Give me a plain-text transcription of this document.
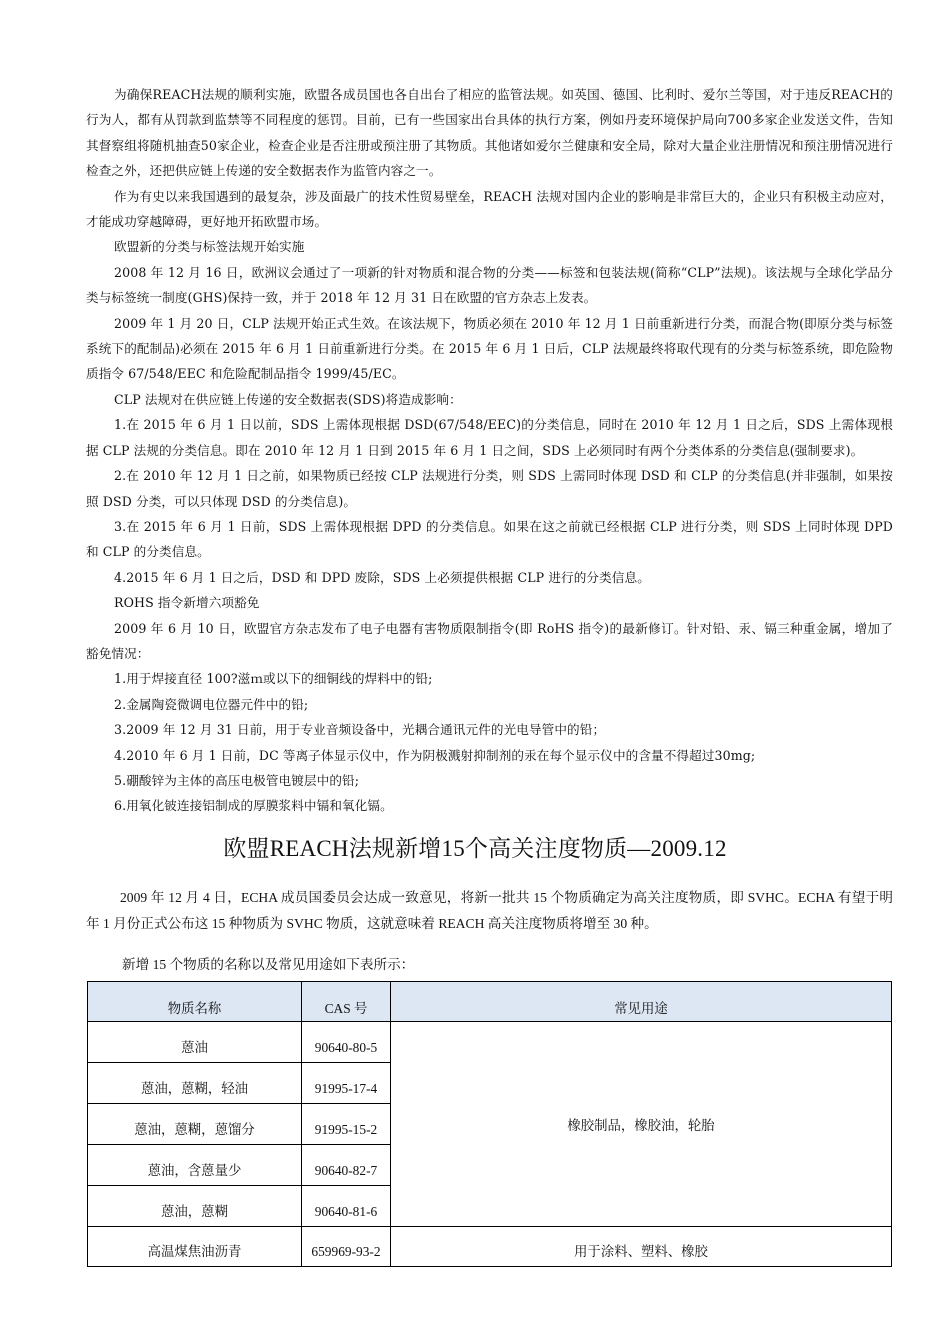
为确保REACH法规的顺利实施，欧盟各成员国也各自出台了相应的监管法规。如英国、德国、比利时、爱尔兰等国，对于违反REACH的行为人，都有从罚款到监禁等不同程度的惩罚。目前，已有一些国家出台具体的执行方案，例如丹麦环境保护局向700多家企业发送文件，告知其督察组将随机抽查50家企业，检查企业是否注册或预注册了其物质。其他诸如爱尔兰健康和安全局，除对大量企业注册情况和预注册情况进行检查之外，还把供应链上传递的安全数据表作为监管内容之一。

作为有史以来我国遇到的最复杂，涉及面最广的技术性贸易壁垒，REACH 法规对国内企业的影响是非常巨大的，企业只有积极主动应对，才能成功穿越障碍，更好地开拓欧盟市场。

欧盟新的分类与标签法规开始实施

2008 年 12 月 16 日，欧洲议会通过了一项新的针对物质和混合物的分类——标签和包装法规(简称“CLP”法规)。该法规与全球化学品分类与标签统一制度(GHS)保持一致，并于 2018 年 12 月 31 日在欧盟的官方杂志上发表。

2009 年 1 月 20 日，CLP 法规开始正式生效。在该法规下，物质必须在 2010 年 12 月 1 日前重新进行分类，而混合物(即原分类与标签系统下的配制品)必须在 2015 年 6 月 1 日前重新进行分类。在 2015 年 6 月 1 日后，CLP 法规最终将取代现有的分类与标签系统，即危险物质指令 67/548/EEC 和危险配制品指令 1999/45/EC。

CLP 法规对在供应链上传递的安全数据表(SDS)将造成影响：

1.在 2015 年 6 月 1 日以前，SDS 上需体现根据 DSD(67/548/EEC)的分类信息，同时在 2010 年 12 月 1 日之后，SDS 上需体现根据 CLP 法规的分类信息。即在 2010 年 12 月 1 日到 2015 年 6 月 1 日之间，SDS 上必须同时有两个分类体系的分类信息(强制要求)。

2.在 2010 年 12 月 1 日之前，如果物质已经按 CLP 法规进行分类，则 SDS 上需同时体现 DSD 和 CLP 的分类信息(并非强制，如果按照 DSD 分类，可以只体现 DSD 的分类信息)。

3.在 2015 年 6 月 1 日前，SDS 上需体现根据 DPD 的分类信息。如果在这之前就已经根据 CLP 进行分类，则 SDS 上同时体现 DPD 和 CLP 的分类信息。

4.2015 年 6 月 1 日之后，DSD 和 DPD 废除，SDS 上必须提供根据 CLP 进行的分类信息。

ROHS 指令新增六项豁免

2009 年 6 月 10 日，欧盟官方杂志发布了电子电器有害物质限制指令(即 RoHS 指令)的最新修订。针对铅、汞、镉三种重金属，增加了豁免情况：

1.用于焊接直径 100?滋ｍ或以下的细铜线的焊料中的铅;

2.金属陶瓷微调电位器元件中的铅;

3.2009 年 12 月 31 日前，用于专业音频设备中，光耦合通讯元件的光电导管中的铅；

4.2010 年 6 月 1 日前，DC 等离子体显示仪中，作为阴极溅射抑制剂的汞在每个显示仪中的含量不得超过30mg;

5.硼酸锌为主体的高压电极管电镀层中的铅;

6.用氧化铍连接铝制成的厚膜浆料中镉和氧化镉。

欧盟REACH法规新增15个高关注度物质—2009.12

2009 年 12 月 4 日，ECHA 成员国委员会达成一致意见，将新一批共 15 个物质确定为高关注度物质，即 SVHC。ECHA 有望于明年 1 月份正式公布这 15 种物质为 SVHC 物质，这就意味着 REACH 高关注度物质将增至 30 种。

新增 15 个物质的名称以及常见用途如下表所示：

物质名称	CAS 号	常见用途
蒽油	90640-80-5	橡胶制品，橡胶油，轮胎
蒽油，蒽糊，轻油	91995-17-4	
蒽油，蒽糊，蒽馏分	91995-15-2	
蒽油，含蒽量少	90640-82-7	
蒽油，蒽糊	90640-81-6	
高温煤焦油沥青	659969-93-2	用于涂料、塑料、橡胶
